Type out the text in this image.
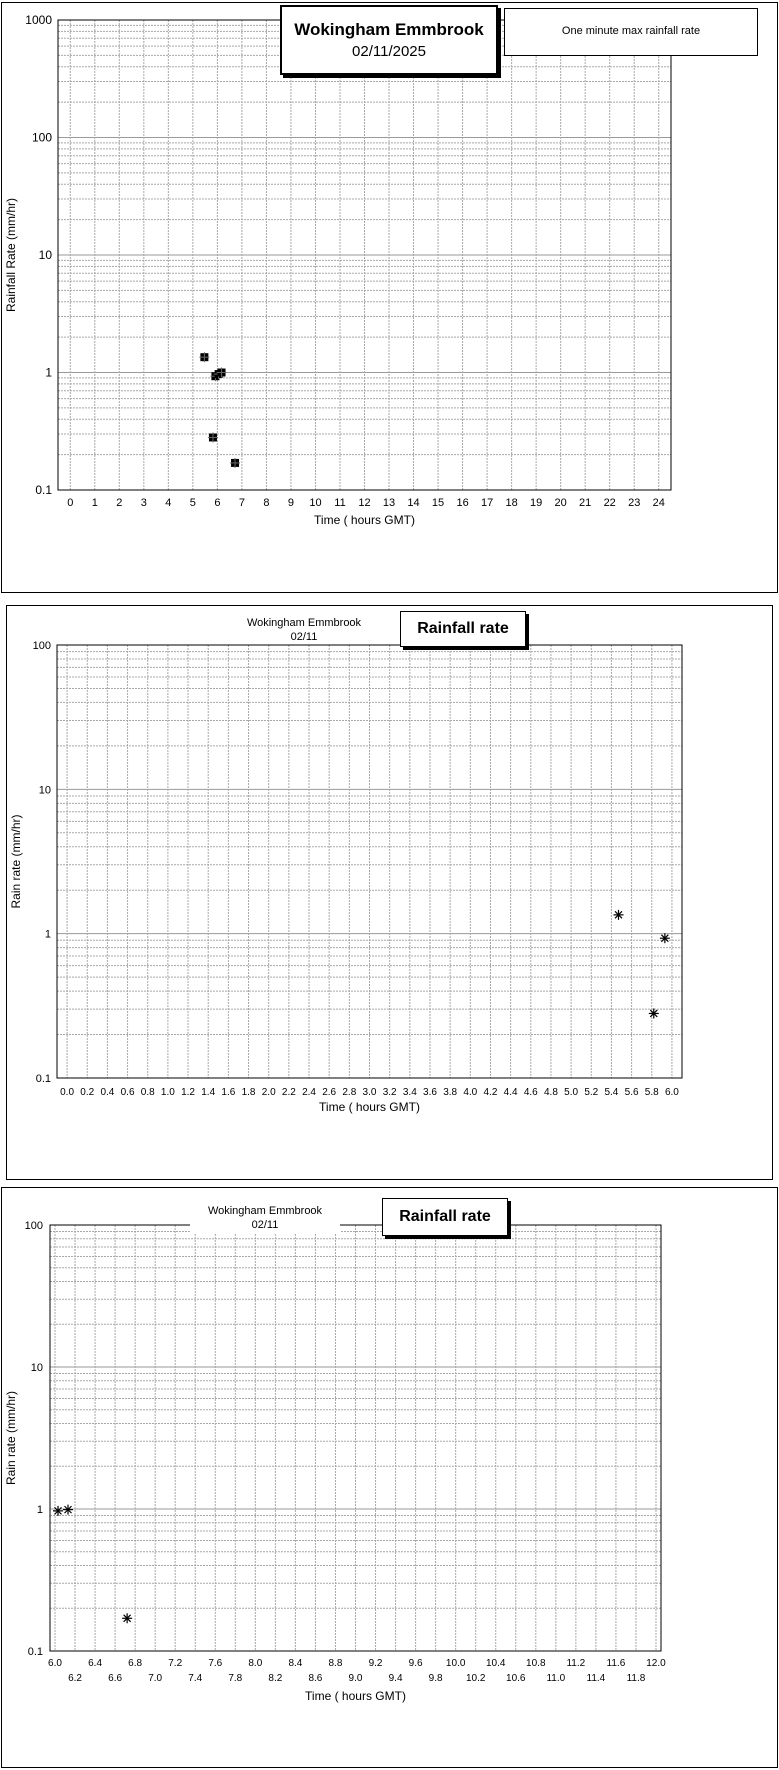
0.1
1
10
100
1000
0 1 2 3 4 5 6 7 8 9 10 11 12 13 14 15 16 17 18 19 20 21 22 23 24
Time ( hours GMT)
Rainfall Rate (mm/hr)
Wokingham Emmbrook
02/11/2025
One minute max rainfall rate
0.1
1
10
100
0.0 0.2 0.4 0.6 0.8 1.0 1.2 1.4 1.6 1.8 2.0 2.2 2.4 2.6 2.8 3.0 3.2 3.4 3.6 3.8 4.0 4.2 4.4 4.6 4.8 5.0 5.2 5.4 5.6 5.8 6.0
Time ( hours GMT)
Rain rate (mm/hr)
Wokingham Emmbrook
02/11
Rainfall rate
0.1
1
10
100
6.0
6.2
6.4
6.6
6.8
7.0
7.2
7.4
7.6
7.8
8.0
8.2
8.4
8.6
8.8
9.0
9.2
9.4
9.6
9.8
10.0
10.2
10.4
10.6
10.8
11.0
11.2
11.4
11.6
11.8
12.0
Time ( hours GMT)
Rain rate (mm/hr)
Wokingham Emmbrook
02/11
Rainfall rate
